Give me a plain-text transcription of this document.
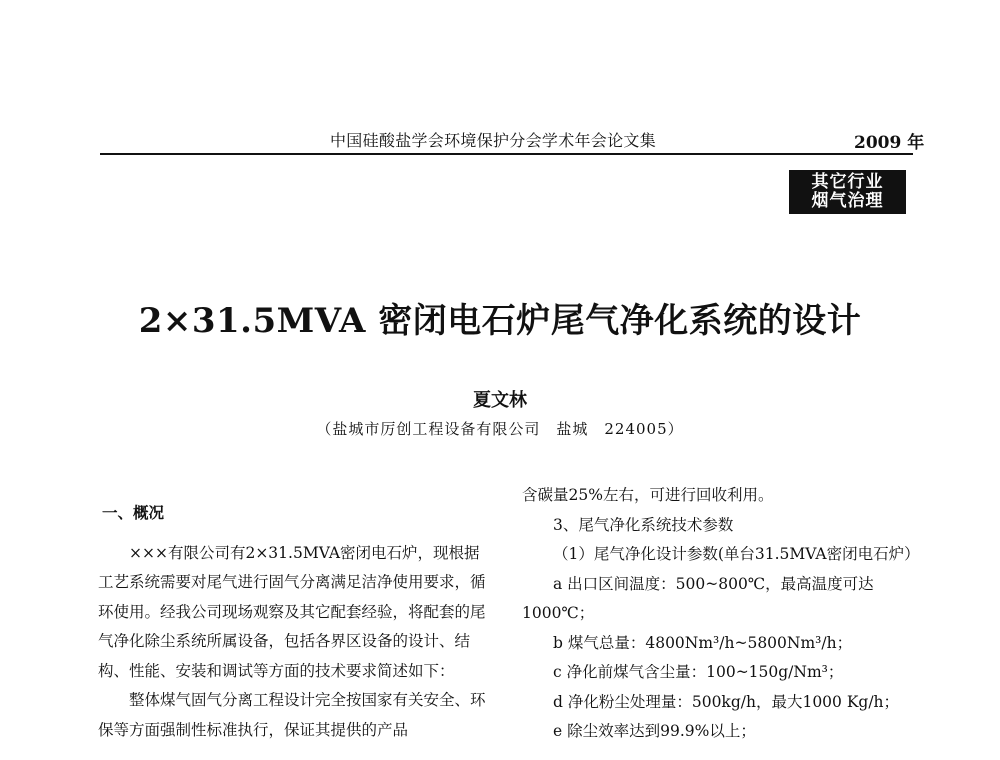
中国硅酸盐学会环境保护分会学术年会论文集	2009 年
其它行业
烟气治理
2×31.5MVA 密闭电石炉尾气净化系统的设计
夏文林
（盐城市厉创工程设备有限公司　盐城　224005）

一、概况

×××有限公司有2×31.5MVA密闭电石炉，现根据工艺系统需要对尾气进行固气分离满足洁净使用要求，循环使用。经我公司现场观察及其它配套经验，将配套的尾气净化除尘系统所属设备，包括各界区设备的设计、结构、性能、安装和调试等方面的技术要求简述如下：

整体煤气固气分离工程设计完全按国家有关安全、环保等方面强制性标准执行，保证其提供的产品

含碳量25%左右，可进行回收利用。

3、尾气净化系统技术参数

（1）尾气净化设计参数(单台31.5MVA密闭电石炉）

a 出口区间温度：500~800℃，最高温度可达1000℃；

b 煤气总量：4800Nm³/h~5800Nm³/h；

c 净化前煤气含尘量：100~150g/Nm³；

d 净化粉尘处理量：500kg/h，最大1000 Kg/h；

e 除尘效率达到99.9%以上；
